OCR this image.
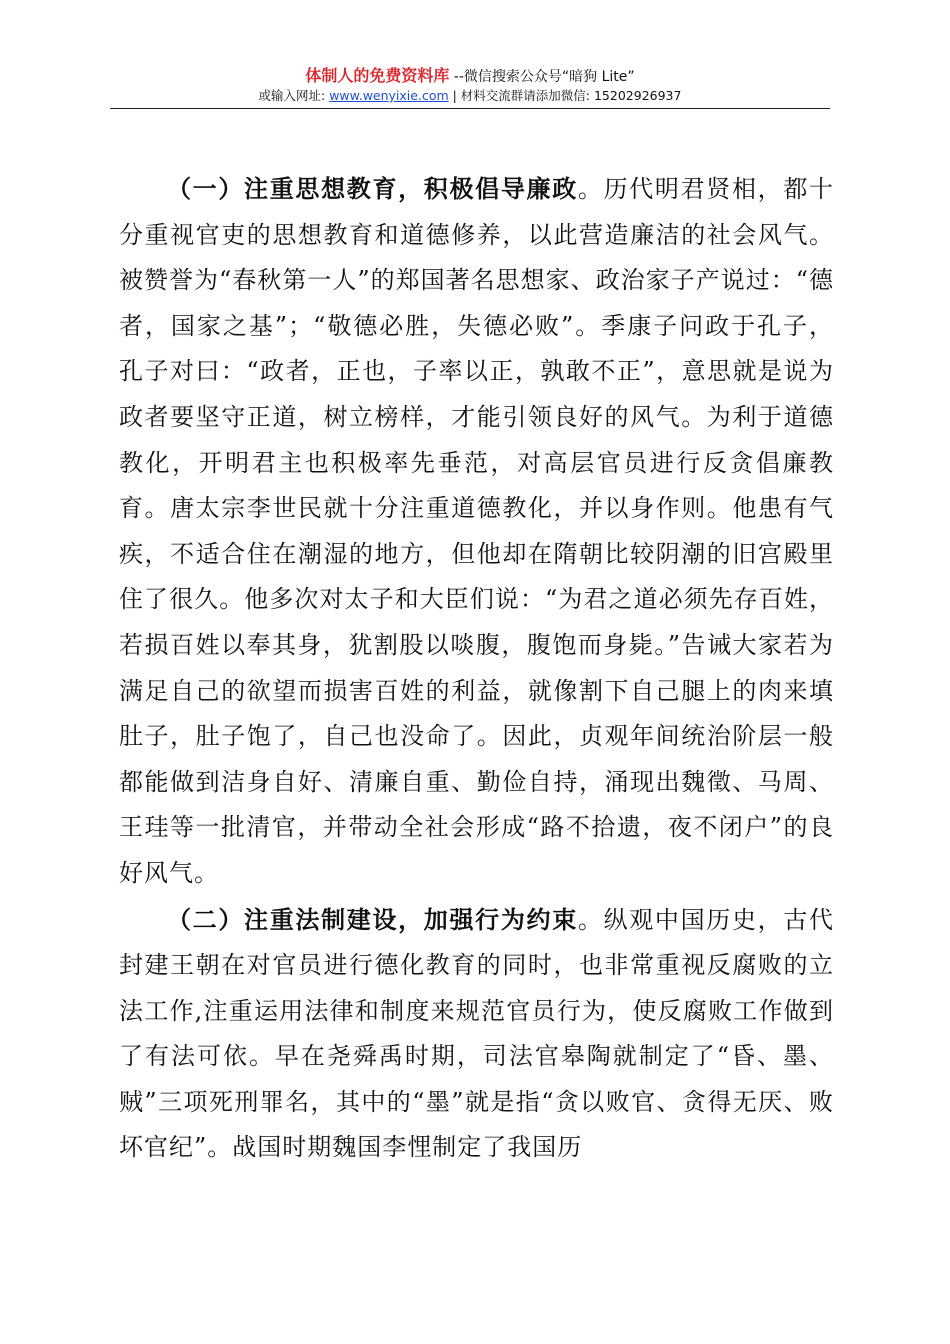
体制人的免费资料库 --微信搜索公众号“暗狗 Lite”
或输入网址: www.wenyixie.com | 材料交流群请添加微信: 15202926937

（一）注重思想教育，积极倡导廉政。历代明君贤相，都十分重视官吏的思想教育和道德修养，以此营造廉洁的社会风气。被赞誉为“春秋第一人”的郑国著名思想家、政治家子产说过：“德者，国家之基”；“敬德必胜，失德必败”。季康子问政于孔子， 孔子对曰：“政者，正也，子率以正，孰敢不正”，意思就是说为政者要坚守正道，树立榜样，才能引领良好的风气。为利于道德教化，开明君主也积极率先垂范，对高层官员进行反贪倡廉教育。唐太宗李世民就十分注重道德教化，并以身作则。他患有气疾，不适合住在潮湿的地方，但他却在隋朝比较阴潮的旧宫殿里住了很久。他多次对太子和大臣们说：“为君之道必须先存百姓，若损百姓以奉其身，犹割股以啖腹，腹饱而身毙。”告诫大家若为满足自己的欲望而损害百姓的利益，就像割下自己腿上的肉来填肚子，肚子饱了，自己也没命了。因此，贞观年间统治阶层一般都能做到洁身自好、清廉自重、勤俭自持，涌现出魏徵、马周、王珪等一批清官，并带动全社会形成“路不拾遗，夜不闭户”的良好风气。

（二）注重法制建设，加强行为约束。纵观中国历史，古代封建王朝在对官员进行德化教育的同时，也非常重视反腐败的立法工作,注重运用法律和制度来规范官员行为，使反腐败工作做到了有法可依。早在尧舜禹时期，司法官皋陶就制定了“昏、墨、贼”三项死刑罪名，其中的“墨”就是指“贪以败官、贪得无厌、败坏官纪”。战国时期魏国李悝制定了我国历
